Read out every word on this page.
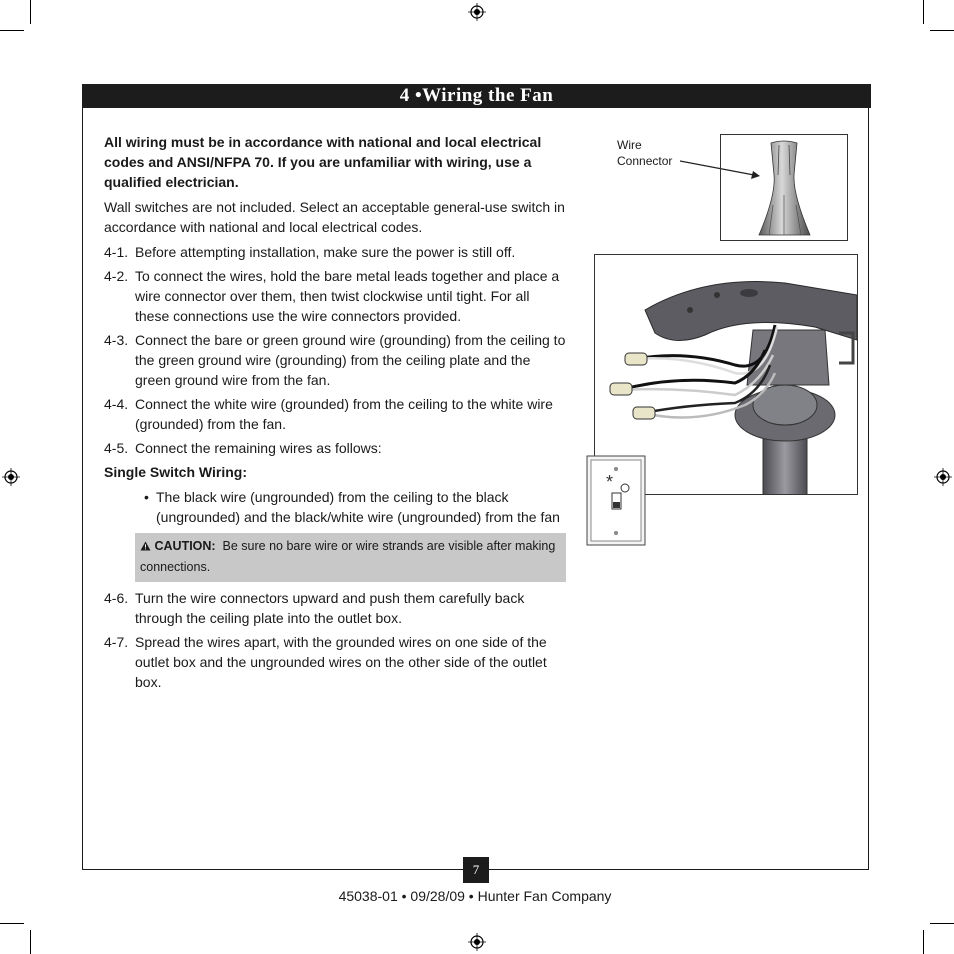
4 •Wiring the Fan

All wiring must be in accordance with national and local electrical codes and ANSI/NFPA 70. If you are unfamiliar with wiring, use a qualified electrician.

Wall switches are not included. Select an acceptable general-use switch in accordance with national and local electrical codes.

4-1. Before attempting installation, make sure the power is still off.
4-2. To connect the wires, hold the bare metal leads together and place a wire connector over them, then twist clockwise until tight. For all these connections use the wire connectors provided.
4-3. Connect the bare or green ground wire (grounding) from the ceiling to the green ground wire (grounding) from the ceiling plate and the green ground wire from the fan.
4-4. Connect the white wire (grounded) from the ceiling to the white wire (grounded) from the fan.
4-5. Connect the remaining wires as follows:

Single Switch Wiring:

• The black wire (ungrounded) from the ceiling to the black (ungrounded) and the black/white wire (ungrounded) from the fan
CAUTION: Be sure no bare wire or wire strands are visible after making connections.
4-6. Turn the wire connectors upward and push them carefully back through the ceiling plate into the outlet box.
4-7. Spread the wires apart, with the grounded wires on one side of the outlet box and the ungrounded wires on the other side of the outlet box.
Wire
Connector
*
7
45038-01 • 09/28/09 • Hunter Fan Company
